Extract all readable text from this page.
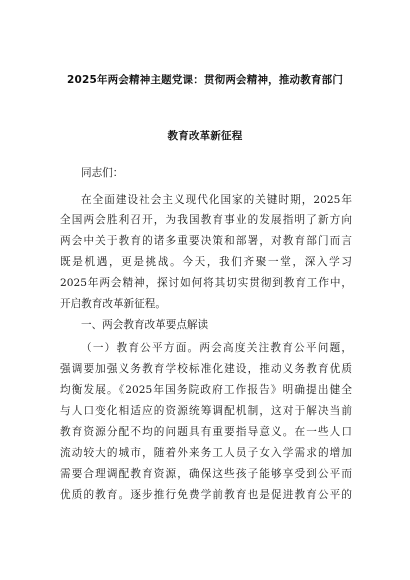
2025年两会精神主题党课：贯彻两会精神，推动教育部门
教育改革新征程
同志们：
在全面建设社会主义现代化国家的关键时期，2025年
全国两会胜利召开，为我国教育事业的发展指明了新方向
两会中关于教育的诸多重要决策和部署，对教育部门而言
既是机遇，更是挑战。今天，我们齐聚一堂，深入学习
2025年两会精神，探讨如何将其切实贯彻到教育工作中，
开启教育改革新征程。
一、两会教育改革要点解读
（一）教育公平方面。两会高度关注教育公平问题，
强调要加强义务教育学校标准化建设，推动义务教育优质
均衡发展。《2025年国务院政府工作报告》明确提出健全
与人口变化相适应的资源统筹调配机制，这对于解决当前
教育资源分配不均的问题具有重要指导意义。在一些人口
流动较大的城市，随着外来务工人员子女入学需求的增加
需要合理调配教育资源，确保这些孩子能够享受到公平而
优质的教育。逐步推行免费学前教育也是促进教育公平的
